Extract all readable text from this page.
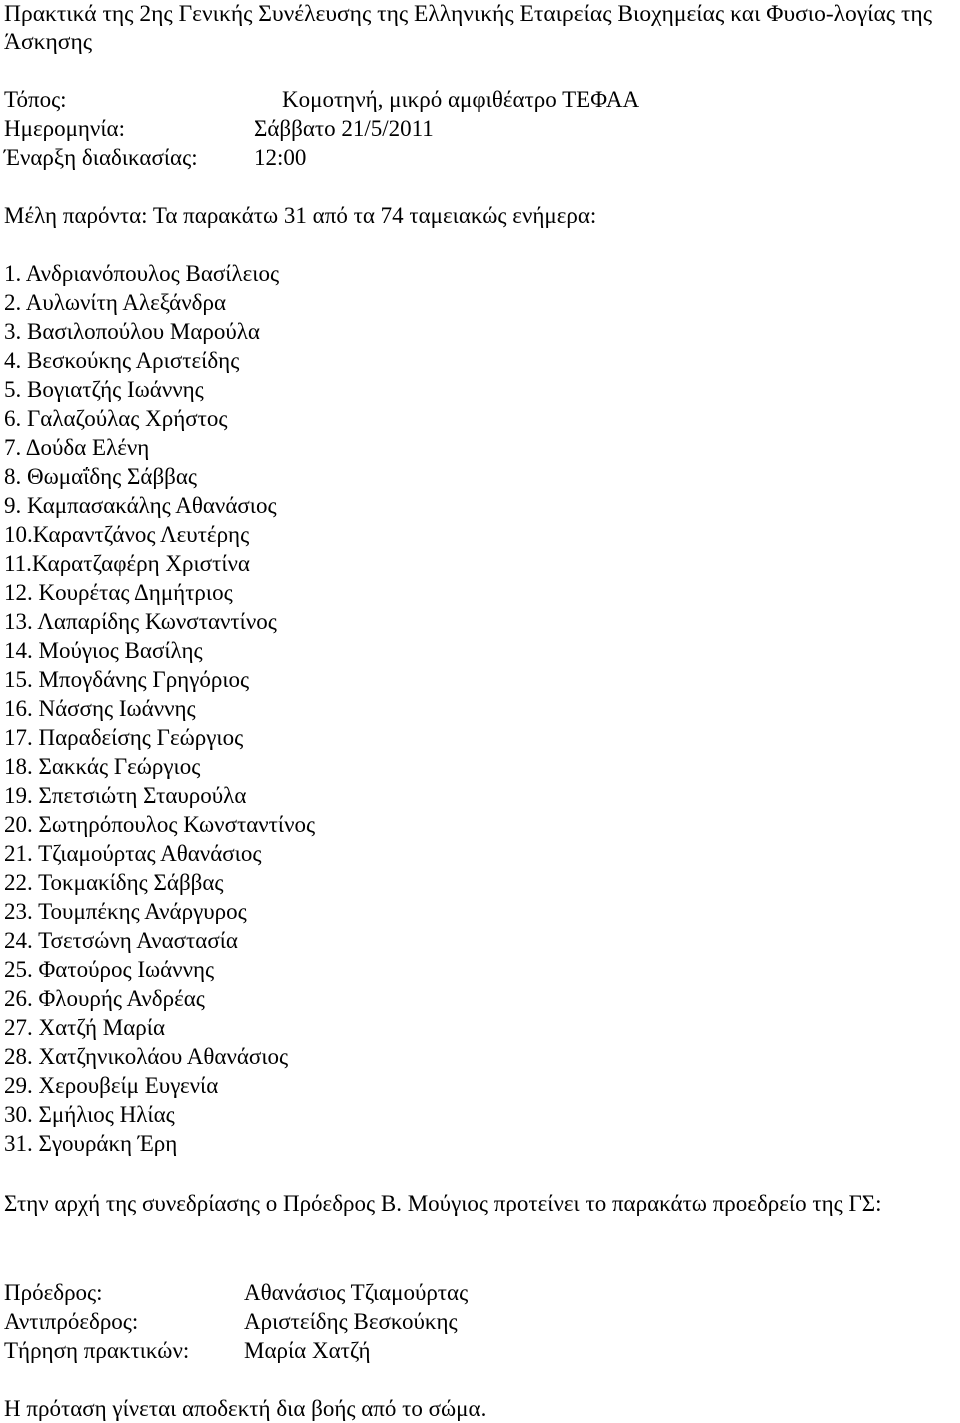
Πρακτικά της 2ης Γενικής Συνέλευσης της Ελληνικής Εταιρείας Βιοχημείας και Φυσιο-λογίας της Άσκησης
Τόπος:	Κομοτηνή, μικρό αμφιθέατρο ΤΕΦΑΑ
Ημερομηνία:	Σάββατο 21/5/2011
Έναρξη διαδικασίας: 12:00
Μέλη παρόντα: Τα παρακάτω 31 από τα 74 ταμειακώς ενήμερα:
1. Ανδριανόπουλος Βασίλειος
2. Αυλωνίτη Αλεξάνδρα
3. Βασιλοπούλου Μαρούλα
4. Βεσκούκης Αριστείδης
5. Βογιατζής Ιωάννης
6. Γαλαζούλας Χρήστος
7. Δούδα Ελένη
8. Θωμαΐδης Σάββας
9. Καμπασακάλης Αθανάσιος
10.Καραντζάνος Λευτέρης
11.Καρατζαφέρη Χριστίνα
12. Κουρέτας Δημήτριος
13. Λαπαρίδης Κωνσταντίνος
14. Μούγιος Βασίλης
15. Μπογδάνης Γρηγόριος
16. Νάσσης Ιωάννης
17. Παραδείσης Γεώργιος
18. Σακκάς Γεώργιος
19. Σπετσιώτη Σταυρούλα
20. Σωτηρόπουλος Κωνσταντίνος
21. Τζιαμούρτας Αθανάσιος
22. Τοκμακίδης Σάββας
23. Τουμπέκης Ανάργυρος
24. Τσετσώνη Αναστασία
25. Φατούρος Ιωάννης
26. Φλουρής Ανδρέας
27. Χατζή Μαρία
28. Χατζηνικολάου Αθανάσιος
29. Χερουβείμ Ευγενία
30. Σμήλιος Ηλίας
31. Σγουράκη Έρη
Στην αρχή της συνεδρίασης ο Πρόεδρος Β. Μούγιος προτείνει το παρακάτω προεδρείο της ΓΣ:
Πρόεδρος:	Αθανάσιος Τζιαμούρτας
Αντιπρόεδρος:	Αριστείδης Βεσκούκης
Τήρηση πρακτικών: Μαρία Χατζή
Η πρόταση γίνεται αποδεκτή δια βοής από το σώμα.
